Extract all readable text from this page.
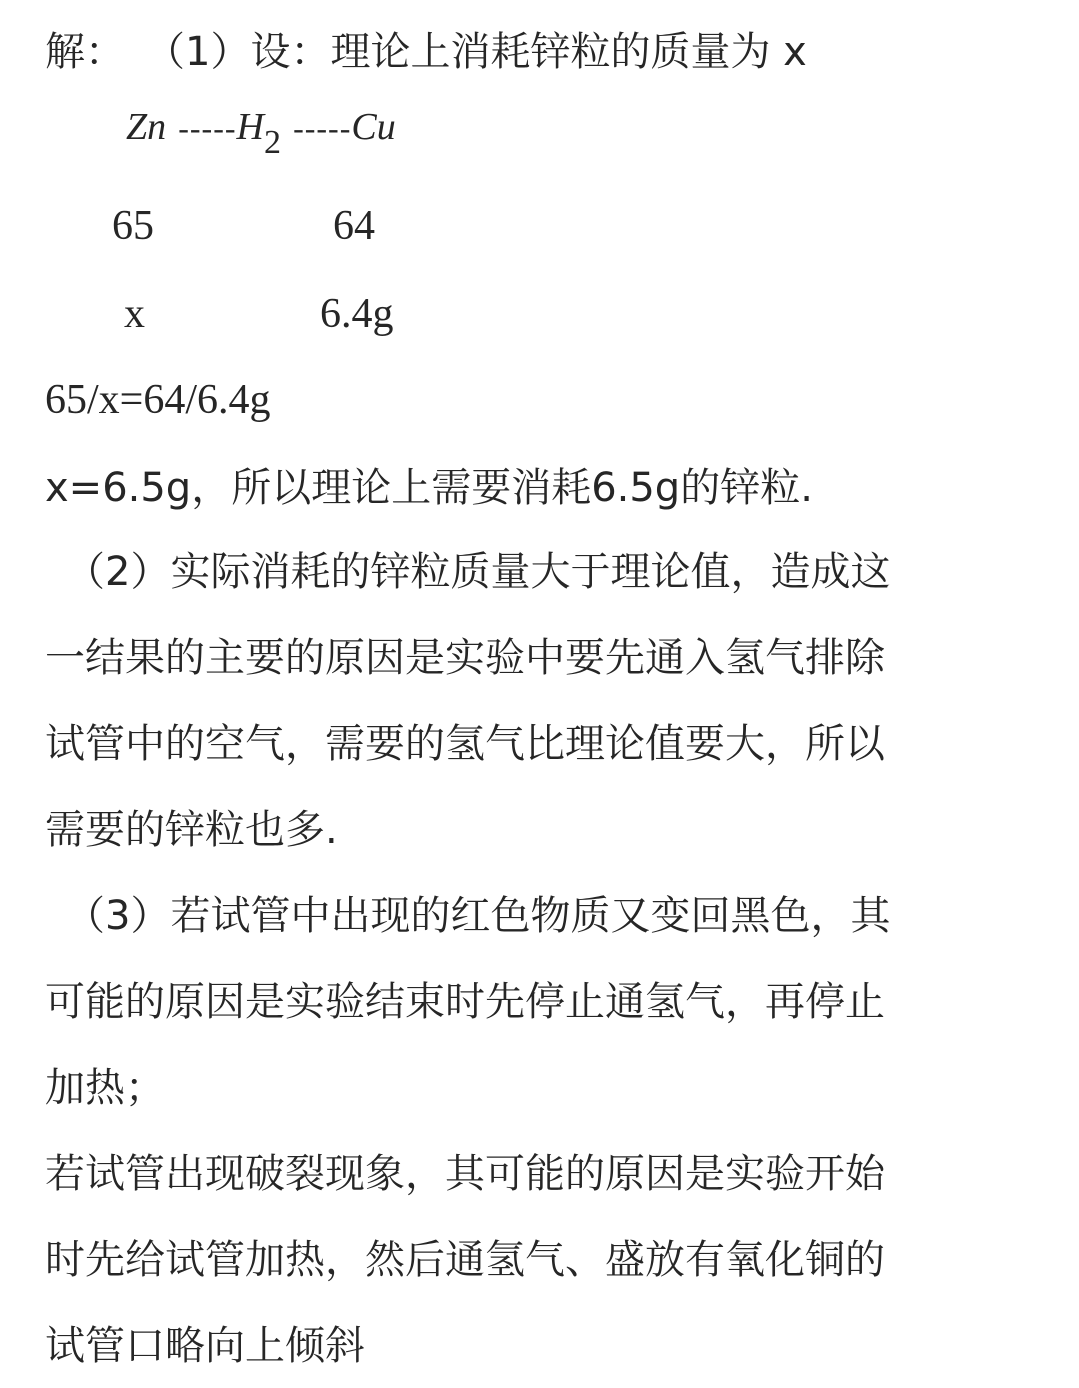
解： （1）设：理论上消耗锌粒的质量为 x
Zn -----H2 -----Cu
65	64
x	6.4g
65/x=64/6.4g
x=6.5g，所以理论上需要消耗6.5g的锌粒.
（2）实际消耗的锌粒质量大于理论值，造成这
一结果的主要的原因是实验中要先通入氢气排除
试管中的空气，需要的氢气比理论值要大，所以
需要的锌粒也多.
（3）若试管中出现的红色物质又变回黑色，其
可能的原因是实验结束时先停止通氢气，再停止
加热；
若试管出现破裂现象，其可能的原因是实验开始
时先给试管加热，然后通氢气、盛放有氧化铜的
试管口略向上倾斜
